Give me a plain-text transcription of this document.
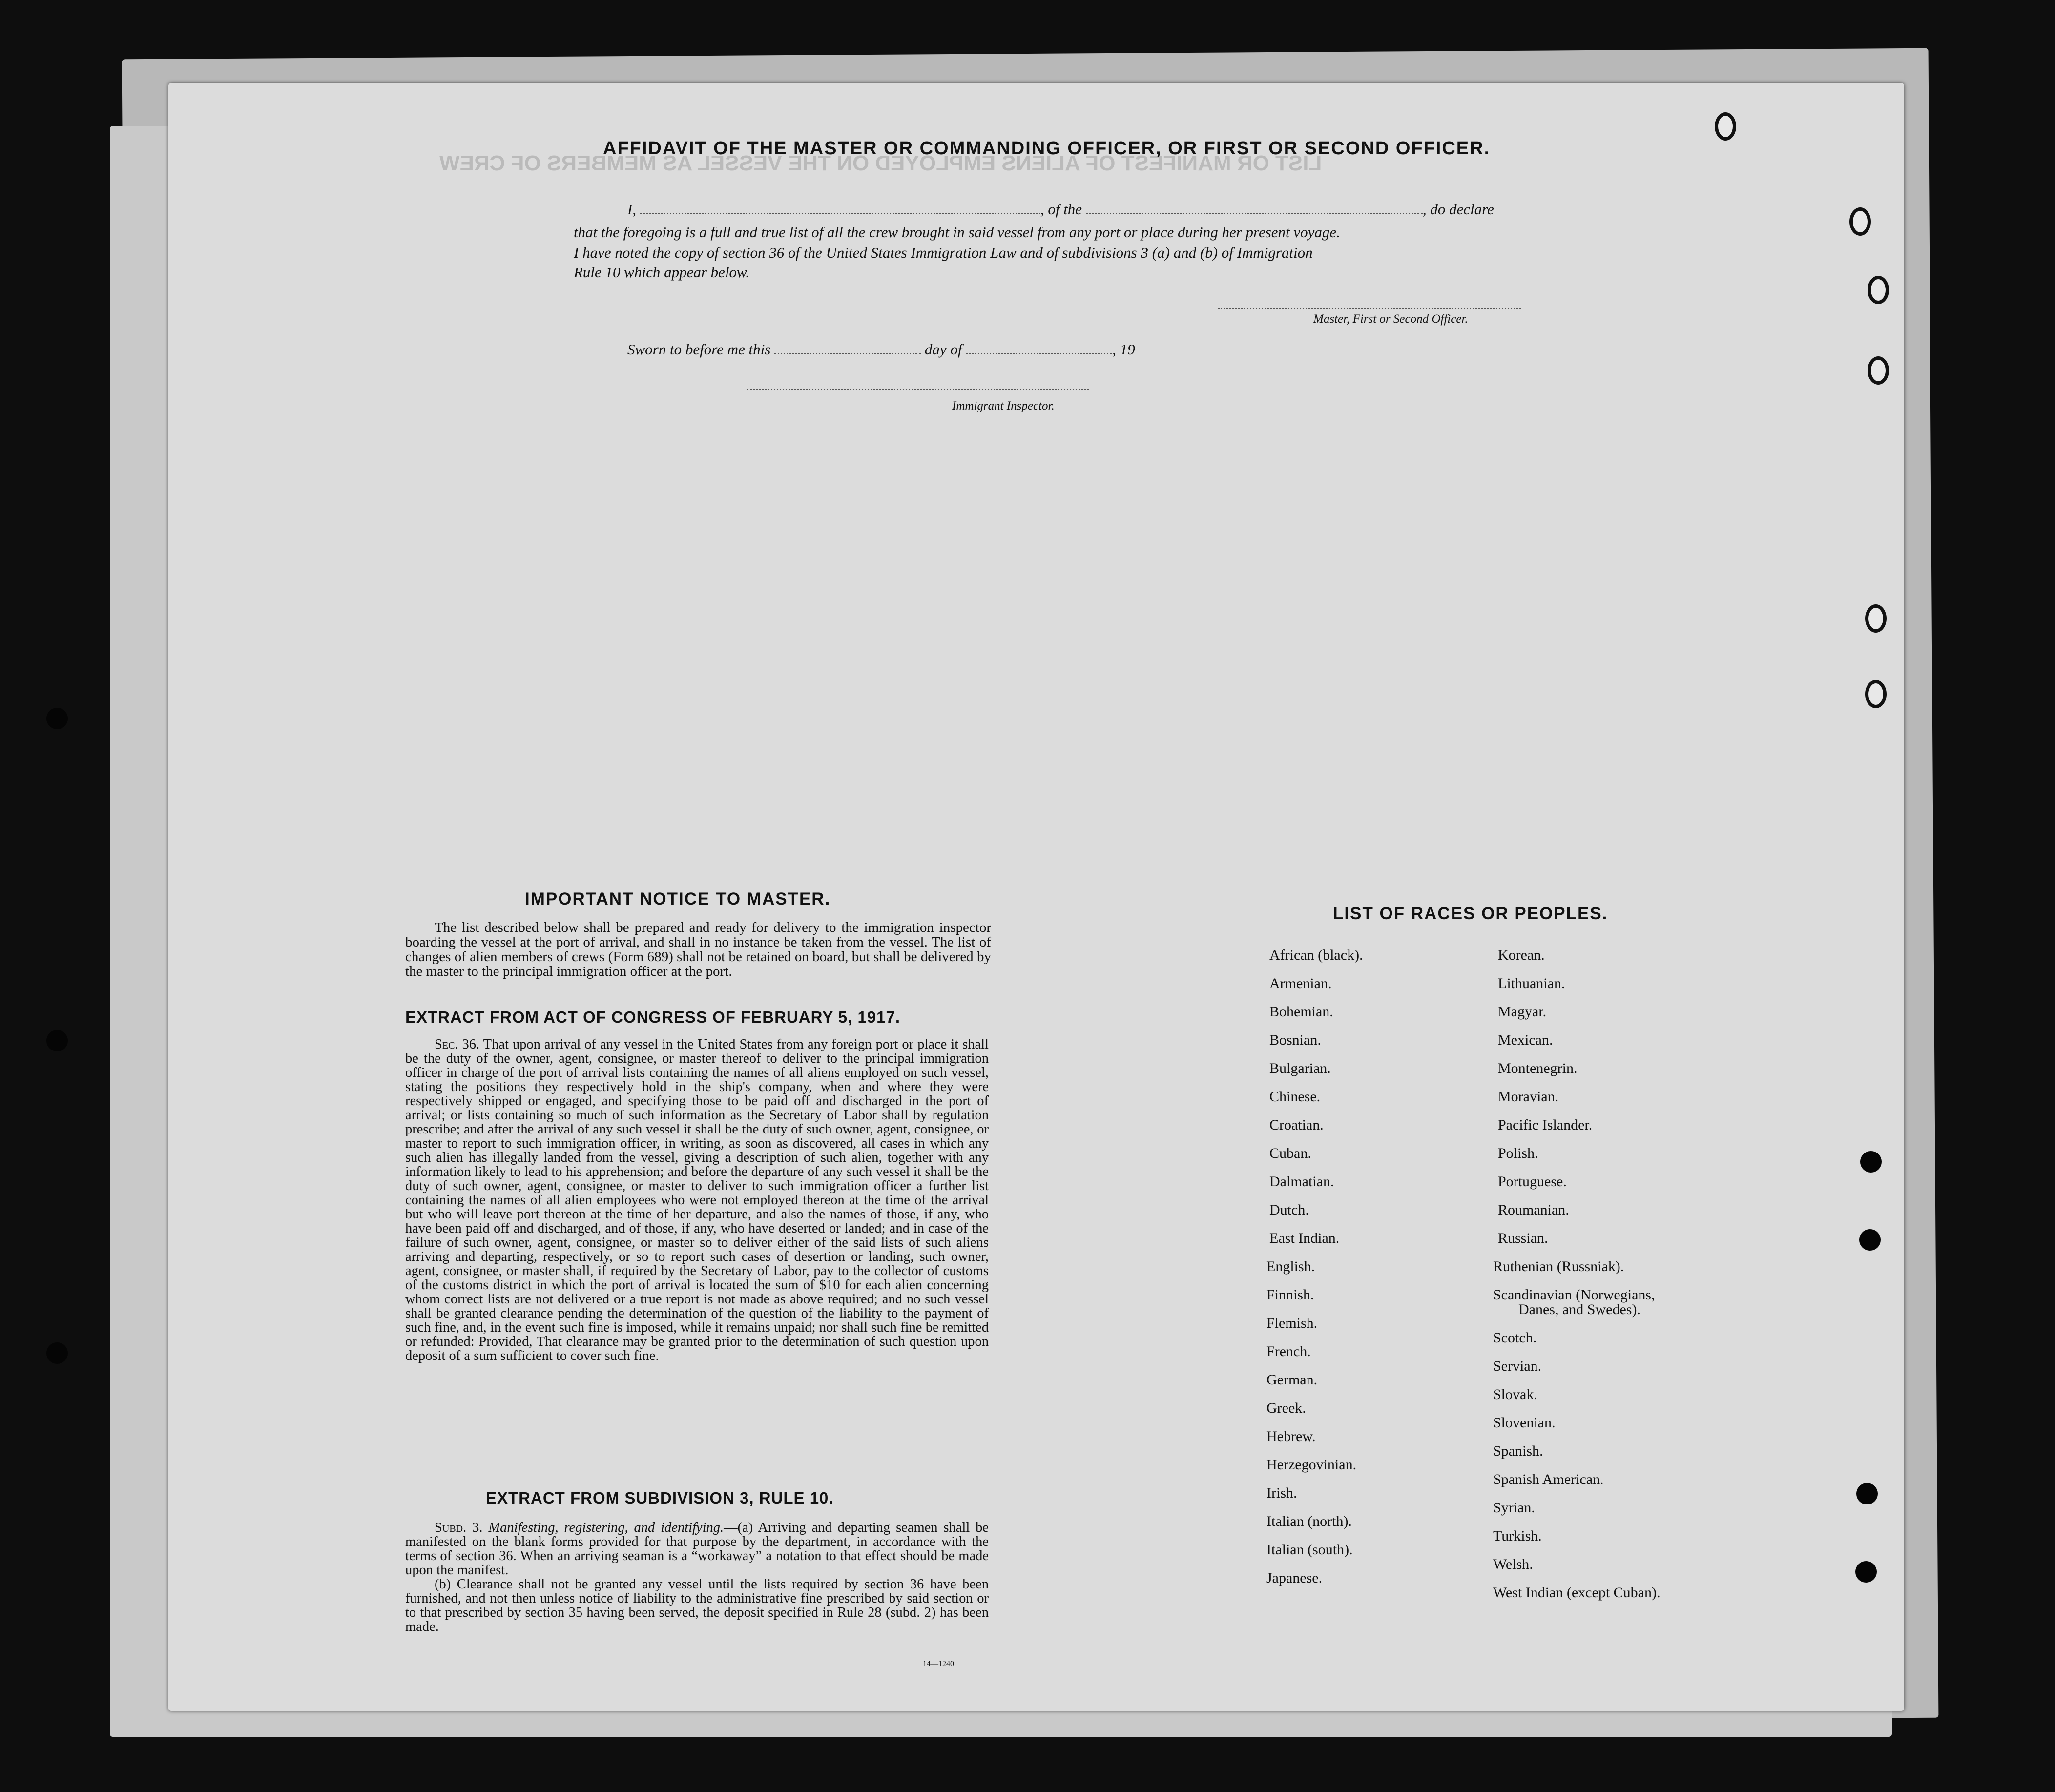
LIST OR MANIFEST OF ALIENS EMPLOYED ON THE VESSEL AS MEMBERS OF CREW
AFFIDAVIT OF THE MASTER OR COMMANDING OFFICER, OR FIRST OR SECOND OFFICER.
I,	, of the	, do declare
that the foregoing is a full and true list of all the crew brought in said vessel from any port or place during her present voyage.
I have noted the copy of section 36 of the United States Immigration Law and of subdivisions 3 (a) and (b) of Immigration
Rule 10 which appear below.
Master, First or Second Officer.
Sworn to before me this	day of	, 19
Immigrant Inspector.
IMPORTANT NOTICE TO MASTER.

The list described below shall be prepared and ready for delivery to the immigration inspector boarding the vessel at the port of arrival, and shall in no instance be taken from the vessel. The list of changes of alien members of crews (Form 689) shall not be retained on board, but shall be delivered by the master to the principal immigration officer at the port.

EXTRACT FROM ACT OF CONGRESS OF FEBRUARY 5, 1917.

Sec. 36. That upon arrival of any vessel in the United States from any foreign port or place it shall be the duty of the owner, agent, consignee, or master thereof to deliver to the principal immigration officer in charge of the port of arrival lists containing the names of all aliens employed on such vessel, stating the positions they respectively hold in the ship's company, when and where they were respectively shipped or engaged, and specifying those to be paid off and discharged in the port of arrival; or lists containing so much of such information as the Secretary of Labor shall by regulation prescribe; and after the arrival of any such vessel it shall be the duty of such owner, agent, consignee, or master to report to such immigration officer, in writing, as soon as discovered, all cases in which any such alien has illegally landed from the vessel, giving a description of such alien, together with any information likely to lead to his apprehension; and before the departure of any such vessel it shall be the duty of such owner, agent, consignee, or master to deliver to such immigration officer a further list containing the names of all alien employees who were not employed thereon at the time of the arrival but who will leave port thereon at the time of her departure, and also the names of those, if any, who have been paid off and discharged, and of those, if any, who have deserted or landed; and in case of the failure of such owner, agent, consignee, or master so to deliver either of the said lists of such aliens arriving and departing, respectively, or so to report such cases of desertion or landing, such owner, agent, consignee, or master shall, if required by the Secretary of Labor, pay to the collector of customs of the customs district in which the port of arrival is located the sum of $10 for each alien concerning whom correct lists are not delivered or a true report is not made as above required; and no such vessel shall be granted clearance pending the determination of the question of the liability to the payment of such fine, and, in the event such fine is imposed, while it remains unpaid; nor shall such fine be remitted or refunded: Provided, That clearance may be granted prior to the determination of such question upon deposit of a sum sufficient to cover such fine.

EXTRACT FROM SUBDIVISION 3, RULE 10.

Subd. 3. Manifesting, registering, and identifying.—(a) Arriving and departing seamen shall be manifested on the blank forms provided for that purpose by the department, in accordance with the terms of section 36. When an arriving seaman is a “workaway” a notation to that effect should be made upon the manifest.

(b) Clearance shall not be granted any vessel until the lists required by section 36 have been furnished, and not then unless notice of liability to the administrative fine prescribed by said section or to that prescribed by section 35 having been served, the deposit specified in Rule 28 (subd. 2) has been made.

14—1240
LIST OF RACES OR PEOPLES.
African (black).
Armenian.
Bohemian.
Bosnian.
Bulgarian.
Chinese.
Croatian.
Cuban.
Dalmatian.
Dutch.
East Indian.
English.
Finnish.
Flemish.
French.
German.
Greek.
Hebrew.
Herzegovinian.
Irish.
Italian (north).
Italian (south).
Japanese.
Korean.
Lithuanian.
Magyar.
Mexican.
Montenegrin.
Moravian.
Pacific Islander.
Polish.
Portuguese.
Roumanian.
Russian.
Ruthenian (Russniak).
Scandinavian (Norwegians,
Danes, and Swedes).
Scotch.
Servian.
Slovak.
Slovenian.
Spanish.
Spanish American.
Syrian.
Turkish.
Welsh.
West Indian (except Cuban).
